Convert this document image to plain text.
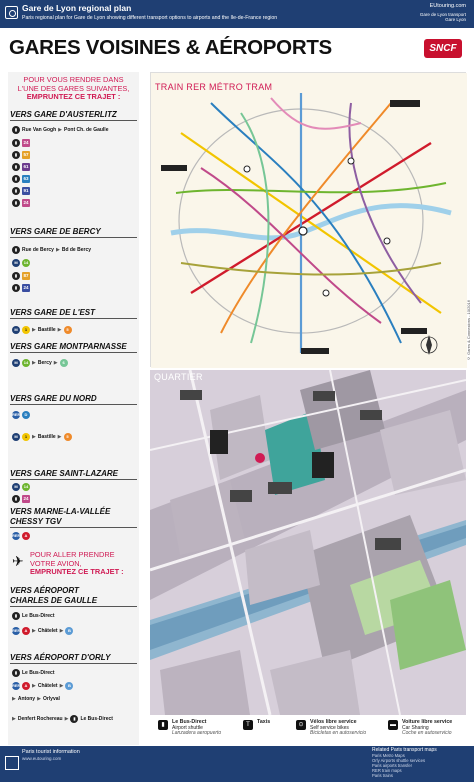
Gare de Lyon regional plan
Paris regional plan for Gare de Lyon showing different transport options to airports and the Ile-de-France region
EUtouring.com
Gare de Lyon transport
Gare Lyon
GARES VOISINES & AÉROPORTS	SNCF
POUR VOUS RENDRE DANS
L'UNE DES GARES SUIVANTES,
EMPRUNTEZ CE TRAJET :
VERS GARE D'AUSTERLITZ
▮ Rue Van Gogh ▶ Pont Ch. de Gaulle
▮	24
▮	57
▮	61
▮	63
▮	91
▮	24
VERS GARE DE BERCY
▮ Rue de Bercy ▶ Bd de Bercy
M	14
▮	87
▮	24
VERS GARE DE L'EST
M	1 ▶ Bastille ▶	5
VERS GARE MONTPARNASSE
M	14 ▶ Bercy ▶	6
VERS GARE DU NORD
RER	D
M	1 ▶ Bastille ▶	5
VERS GARE SAINT-LAZARE
M	14
▮	24
VERS MARNE-LA-VALLÉE
CHESSY TGV
RER	A
✈ POUR ALLER PRENDRE
VOTRE AVION,
EMPRUNTEZ CE TRAJET :
VERS AÉROPORT
CHARLES DE GAULLE
▮ Le Bus-Direct
RER	A ▶ Châtelet ▶	B
VERS AÉROPORT D'ORLY
▮ Le Bus-Direct
RER	A ▶ Châtelet ▶	B
▶ Antony ▶ Orlyval
▶ Denfert Rochereau ▶	▮ Le Bus-Direct
TRAIN RER MÉTRO TRAM
© Gares & Connexions - 10/2016
QUARTIER
▮	Le Bus-Direct
Airport shuttle
Lanzadera aeropuerto
T	Taxis	⊙	Vélos libre service
Self service bikes
Bicicletas en autoservicio
▬	Voiture libre service
Car Sharing
Coche en autoservicio
Paris tourist information
www.eutouring.com
Related Paris transport maps
Paris Metro Maps
Orly Airports shuttle services
Paris airports transfer
RER train maps
Paris trains
